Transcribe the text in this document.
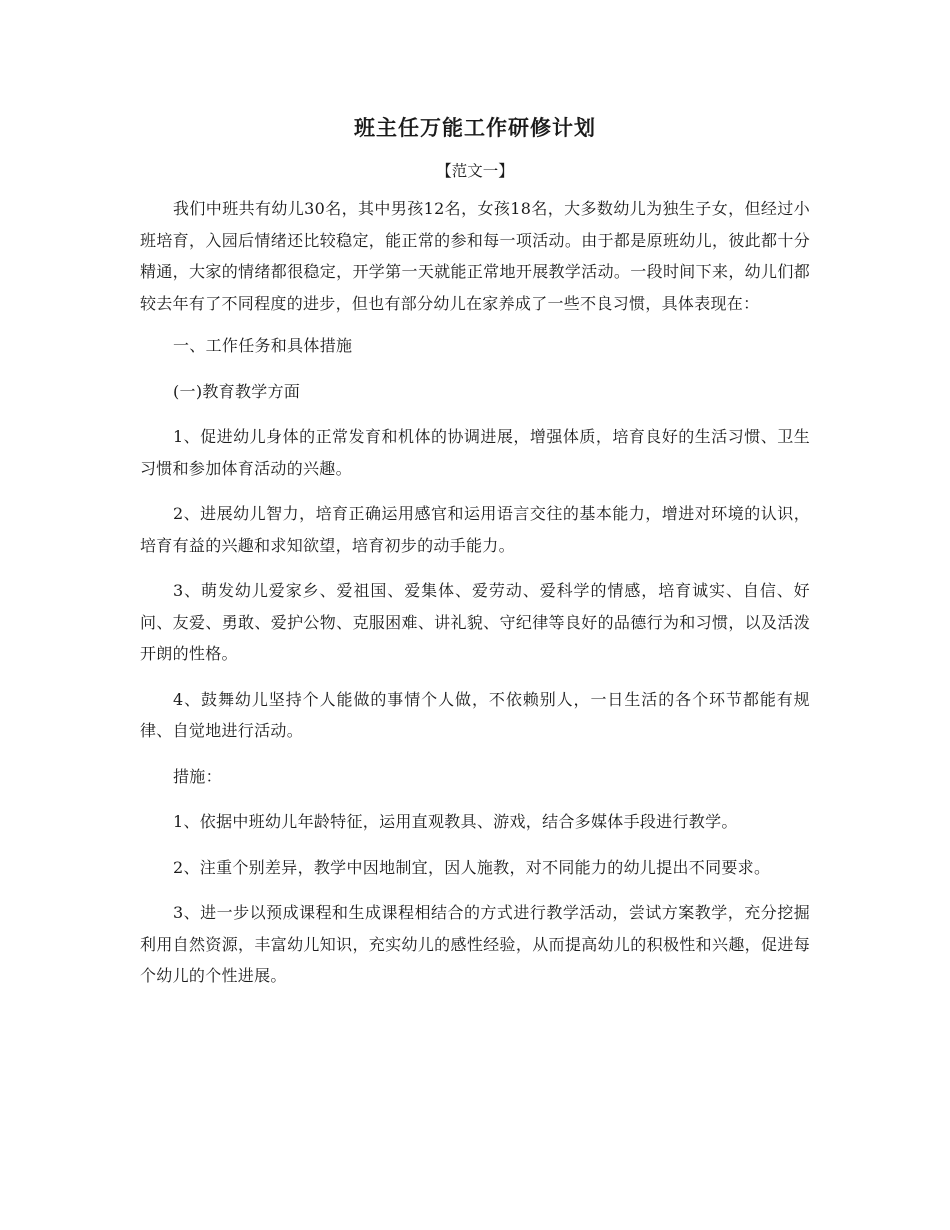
班主任万能工作研修计划
【范文一】

我们中班共有幼儿30名，其中男孩12名，女孩18名，大多数幼儿为独生子女，但经过小班培育，入园后情绪还比较稳定，能正常的参和每一项活动。由于都是原班幼儿，彼此都十分精通，大家的情绪都很稳定，开学第一天就能正常地开展教学活动。一段时间下来，幼儿们都较去年有了不同程度的进步，但也有部分幼儿在家养成了一些不良习惯，具体表现在：

一、工作任务和具体措施

(一)教育教学方面

1、促进幼儿身体的正常发育和机体的协调进展，增强体质，培育良好的生活习惯、卫生习惯和参加体育活动的兴趣。

2、进展幼儿智力，培育正确运用感官和运用语言交往的基本能力，增进对环境的认识，培育有益的兴趣和求知欲望，培育初步的动手能力。

3、萌发幼儿爱家乡、爱祖国、爱集体、爱劳动、爱科学的情感，培育诚实、自信、好问、友爱、勇敢、爱护公物、克服困难、讲礼貌、守纪律等良好的品德行为和习惯，以及活泼开朗的性格。

4、鼓舞幼儿坚持个人能做的事情个人做，不依赖别人，一日生活的各个环节都能有规律、自觉地进行活动。

措施：

1、依据中班幼儿年龄特征，运用直观教具、游戏，结合多媒体手段进行教学。

2、注重个别差异，教学中因地制宜，因人施教，对不同能力的幼儿提出不同要求。

3、进一步以预成课程和生成课程相结合的方式进行教学活动，尝试方案教学，充分挖掘利用自然资源，丰富幼儿知识，充实幼儿的感性经验，从而提高幼儿的积极性和兴趣，促进每个幼儿的个性进展。
